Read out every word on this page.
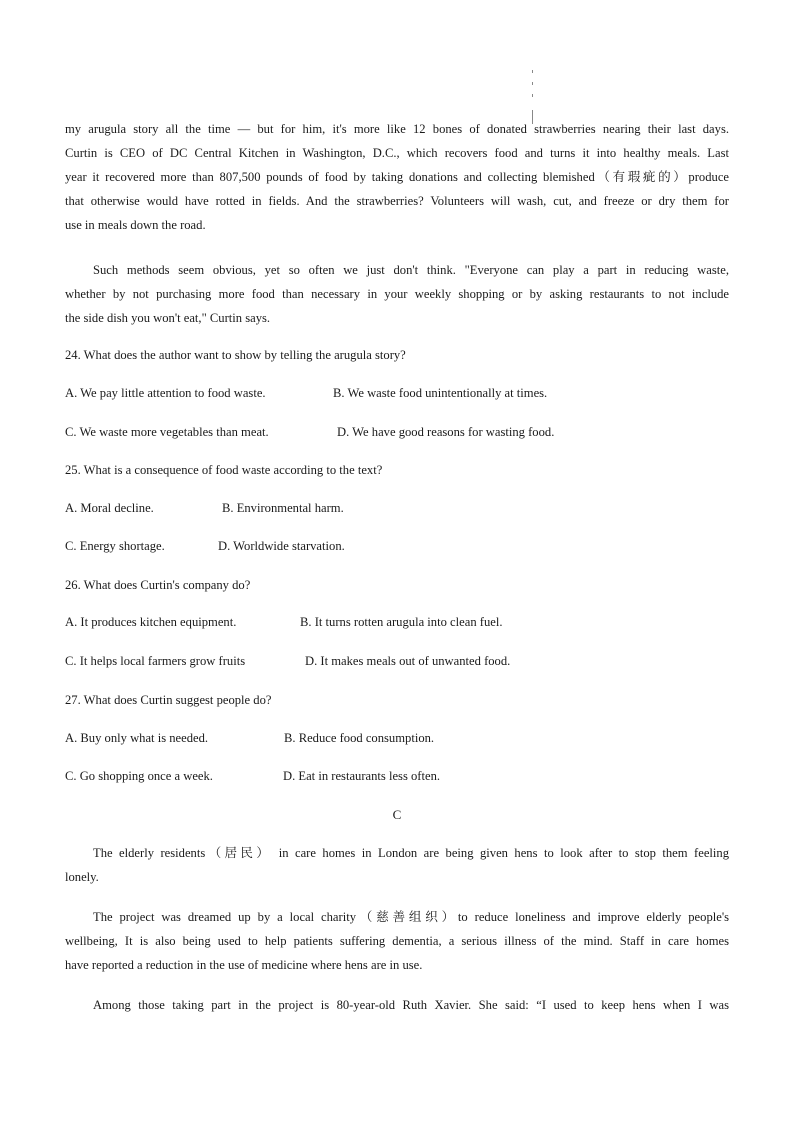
my arugula story all the time — but for him, it's more like 12 bones of donated strawberries nearing their last days.
Curtin is CEO of DC Central Kitchen in Washington, D.C., which recovers food and turns it into healthy meals. Last
year it recovered more than 807,500 pounds of food by taking donations and collecting blemished（有瑕疵的）produce
that otherwise would have rotted in fields. And the strawberries? Volunteers will wash, cut, and freeze or dry them for
use in meals down the road.
Such methods seem obvious, yet so often we just don't think. "Everyone can play a part in reducing waste,
whether by not purchasing more food than necessary in your weekly shopping or by asking restaurants to not include
the side dish you won't eat," Curtin says.
24. What does the author want to show by telling the arugula story?
A. We pay little attention to food waste.	B. We waste food unintentionally at times.
C. We waste more vegetables than meat.	D. We have good reasons for wasting food.
25. What is a consequence of food waste according to the text?
A. Moral decline.	B. Environmental harm.
C. Energy shortage.	D. Worldwide starvation.
26. What does Curtin's company do?
A. It produces kitchen equipment.	B. It turns rotten arugula into clean fuel.
C. It helps local farmers grow fruits	D. It makes meals out of unwanted food.
27. What does Curtin suggest people do?
A. Buy only what is needed.	B. Reduce food consumption.
C. Go shopping once a week.	D. Eat in restaurants less often.
C
The elderly residents（居民） in care homes in London are being given hens to look after to stop them feeling
lonely.
The project was dreamed up by a local charity（慈善组织）to reduce loneliness and improve elderly people's
wellbeing, It is also being used to help patients suffering dementia, a serious illness of the mind. Staff in care homes
have reported a reduction in the use of medicine where hens are in use.
Among those taking part in the project is 80-year-old Ruth Xavier. She said: “I used to keep hens when I was
